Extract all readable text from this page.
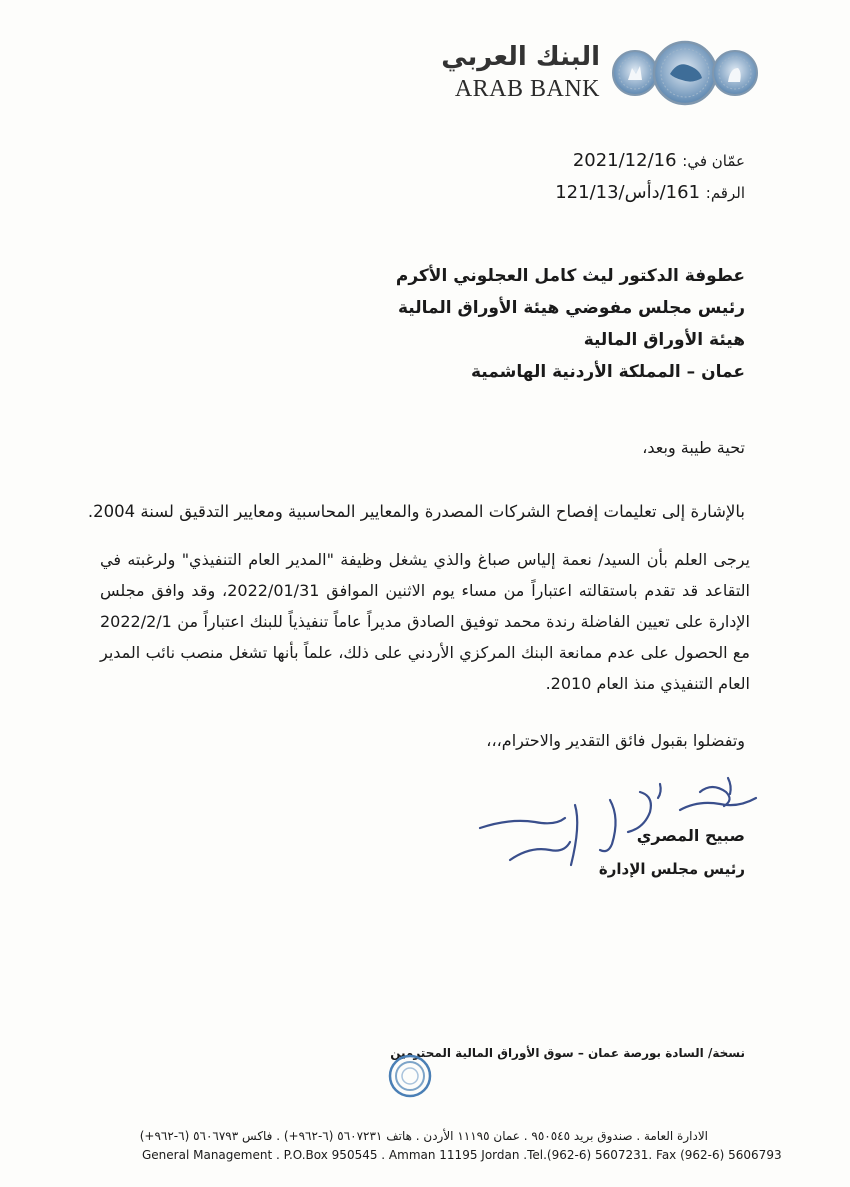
البنك العربي
ARAB BANK
عمّان في: 2021/12/16
الرقم: 161/دأس/121/13
عطوفة الدكتور ليث كامل العجلوني الأكرم
رئيس مجلس مفوضي هيئة الأوراق المالية
هيئة الأوراق المالية
عمان – المملكة الأردنية الهاشمية
تحية طيبة وبعد،
بالإشارة إلى تعليمات إفصاح الشركات المصدرة والمعايير المحاسبية ومعايير التدقيق لسنة 2004.
يرجى العلم بأن السيد/ نعمة إلياس صباغ والذي يشغل وظيفة "المدير العام التنفيذي" ولرغبته في التقاعد قد تقدم باستقالته اعتباراً من مساء يوم الاثنين الموافق 2022/01/31، وقد وافق مجلس الإدارة على تعيين الفاضلة رندة محمد توفيق الصادق مديراً عاماً تنفيذياً للبنك اعتباراً من 2022/2/1 مع الحصول على عدم ممانعة البنك المركزي الأردني على ذلك، علماً بأنها تشغل منصب نائب المدير العام التنفيذي منذ العام 2010.
وتفضلوا بقبول فائق التقدير والاحترام،،،
صبيح المصري
رئيس مجلس الإدارة
نسخة/ السادة بورصة عمان – سوق الأوراق المالية المحترمين
الادارة العامة . صندوق بريد ٩٥٠٥٤٥ . عمان ١١١٩٥ الأردن . هاتف ٥٦٠٧٢٣١ (٦-٩٦٢+) . فاكس ٥٦٠٦٧٩٣ (٦-٩٦٢+)
General Management . P.O.Box 950545 . Amman 11195 Jordan .Tel.(962-6) 5607231. Fax (962-6) 5606793
